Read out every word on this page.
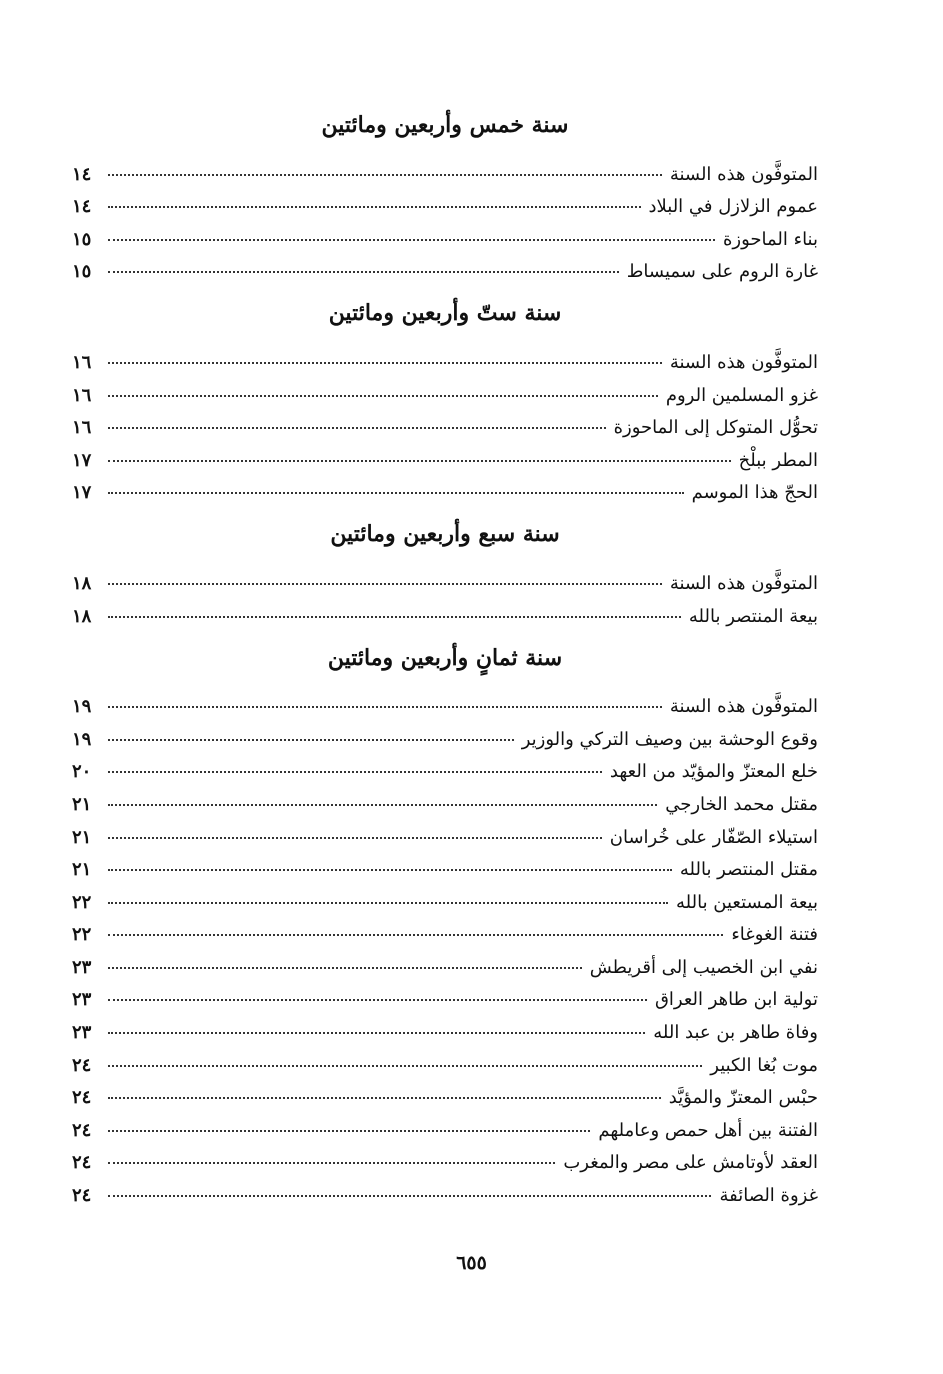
سنة خمس وأربعين ومائتين
المتوفَّون هذه السنة
١٤
عموم الزلازل في البلاد
١٤
بناء الماحوزة
١٥
غارة الروم على سميساط
١٥
سنة ستّ وأربعين ومائتين
المتوفَّون هذه السنة
١٦
غزو المسلمين الروم
١٦
تحوُّل المتوكل إلى الماحوزة
١٦
المطر ببلْخ
١٧
الحجّ هذا الموسم
١٧
سنة سبع وأربعين ومائتين
المتوفَّون هذه السنة
١٨
بيعة المنتصر بالله
١٨
سنة ثمانٍ وأربعين ومائتين
المتوفَّون هذه السنة
١٩
وقوع الوحشة بين وصيف التركي والوزير
١٩
خلع المعتزّ والمؤيّد من العهد
٢٠
مقتل محمد الخارجي
٢١
استيلاء الصّفّار على خُراسان
٢١
مقتل المنتصر بالله
٢١
بيعة المستعين بالله
٢٢
فتنة الغوغاء
٢٢
نفي ابن الخصيب إلى أقريطش
٢٣
تولية ابن طاهر العراق
٢٣
وفاة طاهر بن عبد الله
٢٣
موت بُغا الكبير
٢٤
حبْس المعتزّ والمؤيَّد
٢٤
الفتنة بين أهل حمص وعاملهم
٢٤
العقد لأوتامش على مصر والمغرب
٢٤
غزوة الصائفة
٢٤
٦٥٥
